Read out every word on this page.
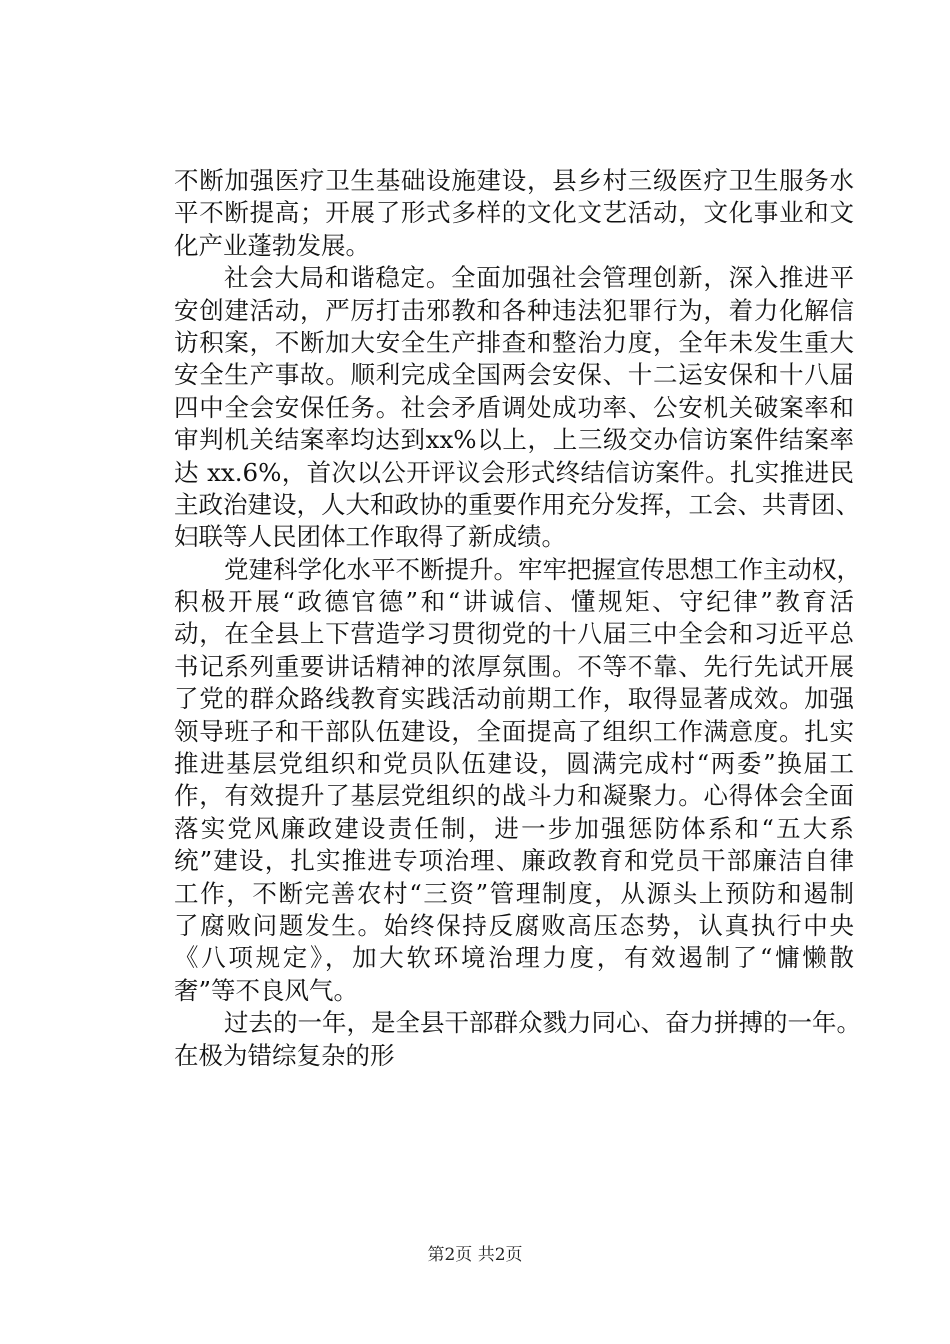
不断加强医疗卫生基础设施建设，县乡村三级医疗卫生服务水
平不断提高；开展了形式多样的文化文艺活动，文化事业和文
化产业蓬勃发展。
社会大局和谐稳定。全面加强社会管理创新，深入推进平
安创建活动，严厉打击邪教和各种违法犯罪行为，着力化解信
访积案，不断加大安全生产排查和整治力度，全年未发生重大
安全生产事故。顺利完成全国两会安保、十二运安保和十八届
四中全会安保任务。社会矛盾调处成功率、公安机关破案率和
审判机关结案率均达到xx%以上，上三级交办信访案件结案率
达 xx.6%，首次以公开评议会形式终结信访案件。扎实推进民
主政治建设，人大和政协的重要作用充分发挥，工会、共青团、
妇联等人民团体工作取得了新成绩。
党建科学化水平不断提升。牢牢把握宣传思想工作主动权，
积极开展“政德官德”和“讲诚信、懂规矩、守纪律”教育活
动，在全县上下营造学习贯彻党的十八届三中全会和习近平总
书记系列重要讲话精神的浓厚氛围。不等不靠、先行先试开展
了党的群众路线教育实践活动前期工作，取得显著成效。加强
领导班子和干部队伍建设，全面提高了组织工作满意度。扎实
推进基层党组织和党员队伍建设，圆满完成村“两委”换届工
作，有效提升了基层党组织的战斗力和凝聚力。心得体会全面
落实党风廉政建设责任制，进一步加强惩防体系和“五大系
统”建设，扎实推进专项治理、廉政教育和党员干部廉洁自律
工作，不断完善农村“三资”管理制度，从源头上预防和遏制
了腐败问题发生。始终保持反腐败高压态势，认真执行中央
《八项规定》，加大软环境治理力度，有效遏制了“慵懒散
奢”等不良风气。
过去的一年，是全县干部群众戮力同心、奋力拼搏的一年。
在极为错综复杂的形
第2页 共2页
